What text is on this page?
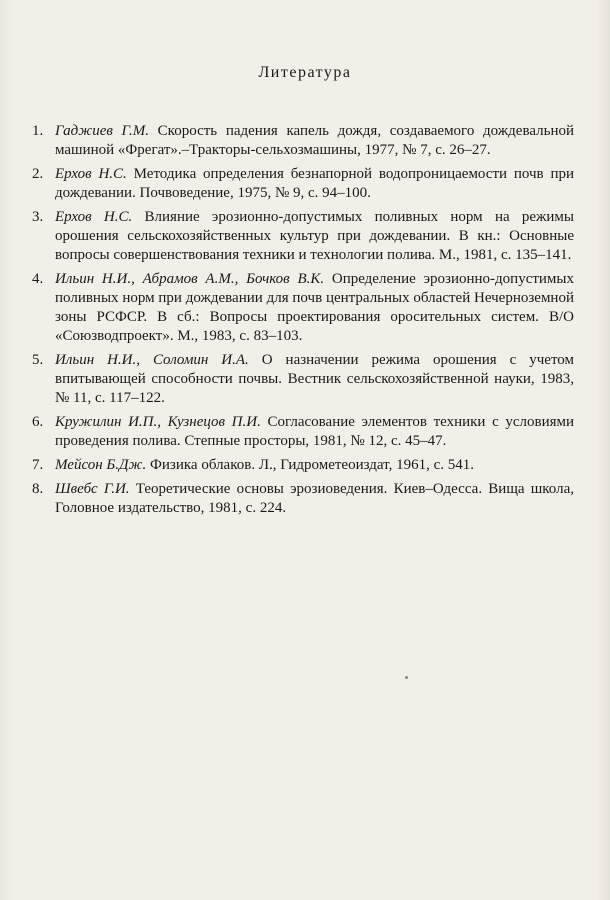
Литература
1. Гаджиев Г.М. Скорость падения капель дождя, создаваемого дождевальной машиной «Фрегат».–Тракторы-сельхозмашины, 1977, № 7, с. 26–27.
2. Ерхов Н.С. Методика определения безнапорной водопроницаемости почв при дождевании. Почвоведение, 1975, № 9, с. 94–100.
3. Ерхов Н.С. Влияние эрозионно-допустимых поливных норм на режимы орошения сельскохозяйственных культур при дождевании. В кн.: Основные вопросы совершенствования техники и технологии полива. М., 1981, с. 135–141.
4. Ильин Н.И., Абрамов А.М., Бочков В.К. Определение эрозионно-допустимых поливных норм при дождевании для почв центральных областей Нечерноземной зоны РСФСР. В сб.: Вопросы проектирования оросительных систем. В/О «Союзводпроект». М., 1983, с. 83–103.
5. Ильин Н.И., Соломин И.А. О назначении режима орошения с учетом впитывающей способности почвы. Вестник сельскохозяйственной науки, 1983, № 11, с. 117–122.
6. Кружилин И.П., Кузнецов П.И. Согласование элементов техники с условиями проведения полива. Степные просторы, 1981, № 12, с. 45–47.
7. Мейсон Б.Дж. Физика облаков. Л., Гидрометеоиздат, 1961, с. 541.
8. Швебс Г.И. Теоретические основы эрозиоведения. Киев–Одесса. Вища школа, Головное издательство, 1981, с. 224.
